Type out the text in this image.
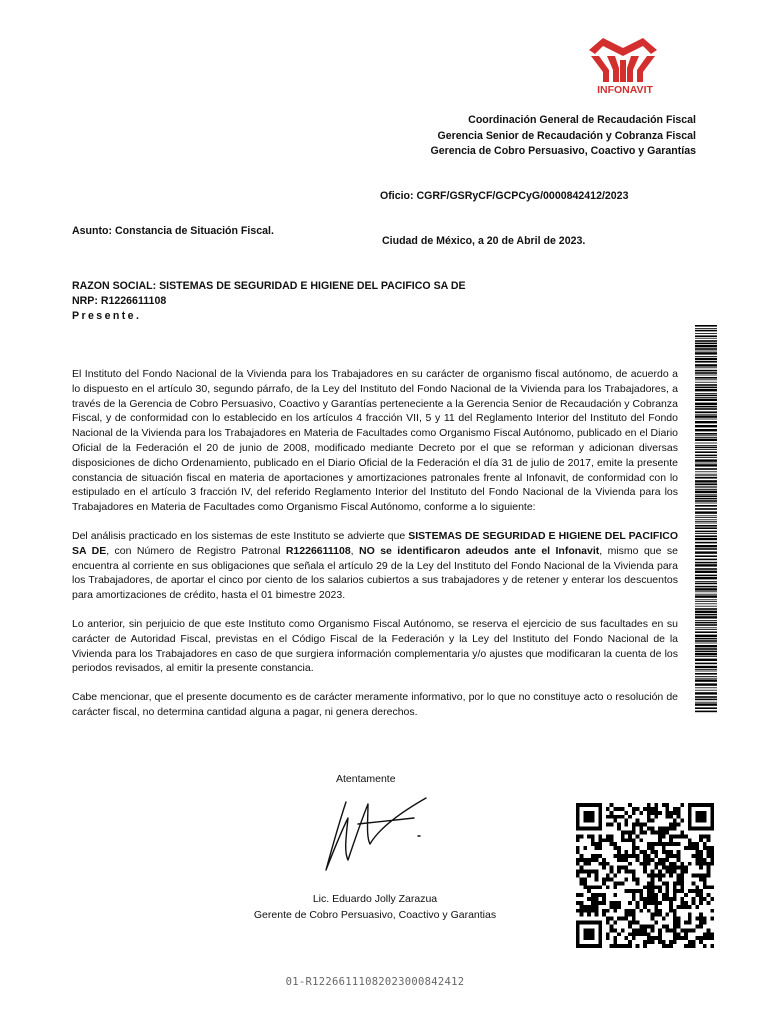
INFONAVIT
Coordinación General de Recaudación Fiscal
Gerencia Senior de Recaudación y Cobranza Fiscal
Gerencia de Cobro Persuasivo, Coactivo y Garantías
Oficio: CGRF/GSRyCF/GCPCyG/0000842412/2023
Asunto: Constancia de Situación Fiscal.
Ciudad de México, a 20 de Abril de 2023.
RAZON SOCIAL: SISTEMAS DE SEGURIDAD E HIGIENE DEL PACIFICO SA DE
NRP: R1226611108
Presente.

El Instituto del Fondo Nacional de la Vivienda para los Trabajadores en su carácter de organismo fiscal autónomo, de acuerdo a lo dispuesto en el artículo 30, segundo párrafo, de la Ley del Instituto del Fondo Nacional de la Vivienda para los Trabajadores, a través de la Gerencia de Cobro Persuasivo, Coactivo y Garantías perteneciente a la Gerencia Senior de Recaudación y Cobranza Fiscal, y de conformidad con lo establecido en los artículos 4 fracción VII, 5 y 11 del Reglamento Interior del Instituto del Fondo Nacional de la Vivienda para los Trabajadores en Materia de Facultades como Organismo Fiscal Autónomo, publicado en el Diario Oficial de la Federación el 20 de junio de 2008, modificado mediante Decreto por el que se reforman y adicionan diversas disposiciones de dicho Ordenamiento, publicado en el Diario Oficial de la Federación el día 31 de julio de 2017, emite la presente constancia de situación fiscal en materia de aportaciones y amortizaciones patronales frente al Infonavit, de conformidad con lo estipulado en el artículo 3 fracción IV, del referido Reglamento Interior del Instituto del Fondo Nacional de la Vivienda para los Trabajadores en Materia de Facultades como Organismo Fiscal Autónomo, conforme a lo siguiente:

Del análisis practicado en los sistemas de este Instituto se advierte que SISTEMAS DE SEGURIDAD E HIGIENE DEL PACIFICO SA DE, con Número de Registro Patronal R1226611108, NO se identificaron adeudos ante el Infonavit, mismo que se encuentra al corriente en sus obligaciones que señala el artículo 29 de la Ley del Instituto del Fondo Nacional de la Vivienda para los Trabajadores, de aportar el cinco por ciento de los salarios cubiertos a sus trabajadores y de retener y enterar los descuentos para amortizaciones de crédito, hasta el 01 bimestre 2023.

Lo anterior, sin perjuicio de que este Instituto como Organismo Fiscal Autónomo, se reserva el ejercicio de sus facultades en su carácter de Autoridad Fiscal, previstas en el Código Fiscal de la Federación y la Ley del Instituto del Fondo Nacional de la Vivienda para los Trabajadores en caso de que surgiera información complementaria y/o ajustes que modificaran la cuenta de los periodos revisados, al emitir la presente constancia.

Cabe mencionar, que el presente documento es de carácter meramente informativo, por lo que no constituye acto o resolución de carácter fiscal, no determina cantidad alguna a pagar, ni genera derechos.

Atentamente
Lic. Eduardo Jolly Zarazua
Gerente de Cobro Persuasivo, Coactivo y Garantias
01-R12266111082023000842412
